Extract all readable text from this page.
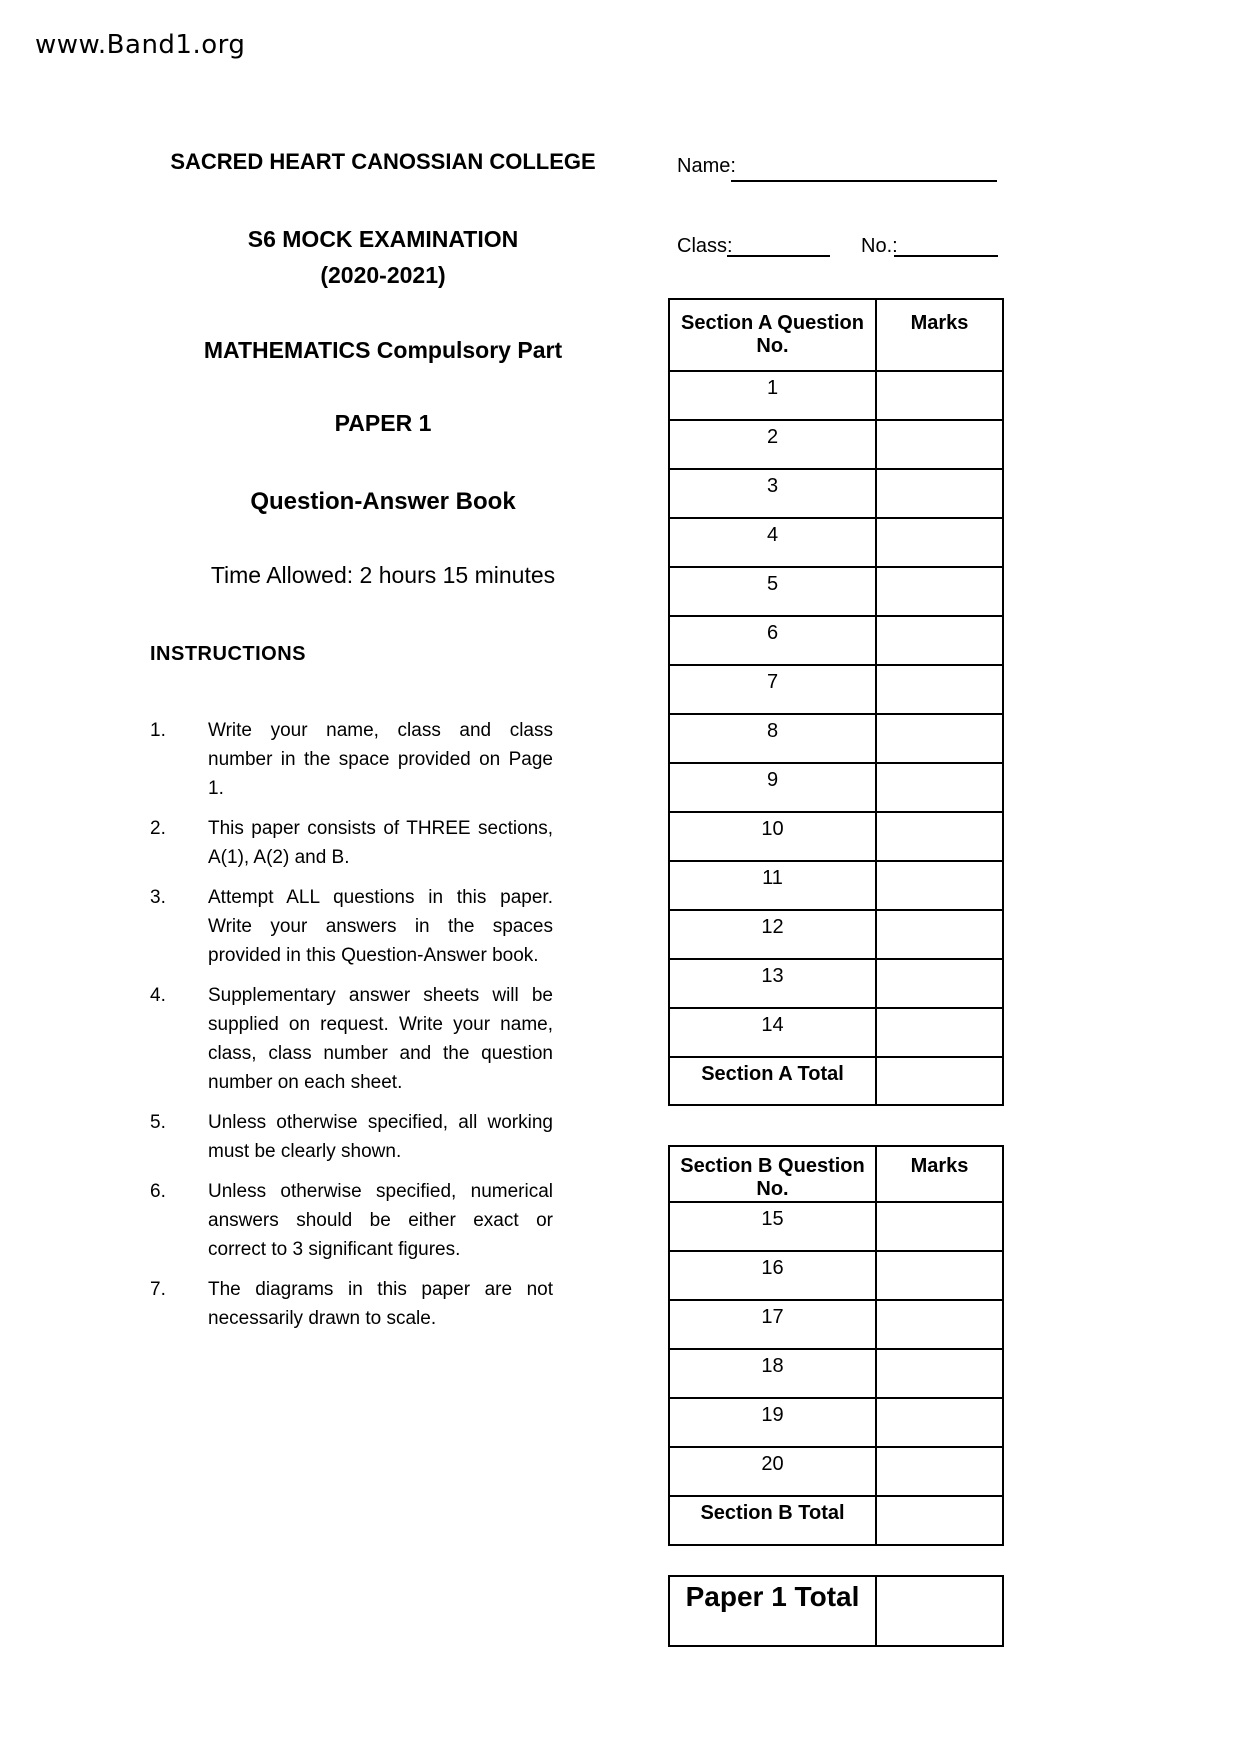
www.Band1.org
SACRED HEART CANOSSIAN COLLEGE
S6 MOCK EXAMINATION
(2020-2021)
MATHEMATICS Compulsory Part
PAPER 1
Question-Answer Book
Time Allowed: 2 hours 15 minutes
INSTRUCTIONS
1.	Write your name, class and class number in the space provided on Page 1.
2.	This paper consists of THREE sections, A(1), A(2) and B.
3.	Attempt ALL questions in this paper. Write your answers in the spaces provided in this Question-Answer book.
4.	Supplementary answer sheets will be supplied on request. Write your name, class, class number and the question number on each sheet.
5.	Unless otherwise specified, all working must be clearly shown.
6.	Unless otherwise specified, numerical answers should be either exact or correct to 3 significant figures.
7.	The diagrams in this paper are not necessarily drawn to scale.
Name:
Class:	No.:
Section A Question No.	Marks
1	
2	
3	
4	
5	
6	
7	
8	
9	
10	
11	
12	
13	
14	
Section A Total	
Section B Question No.	Marks
15	
16	
17	
18	
19	
20	
Section B Total	
Paper 1 Total	
